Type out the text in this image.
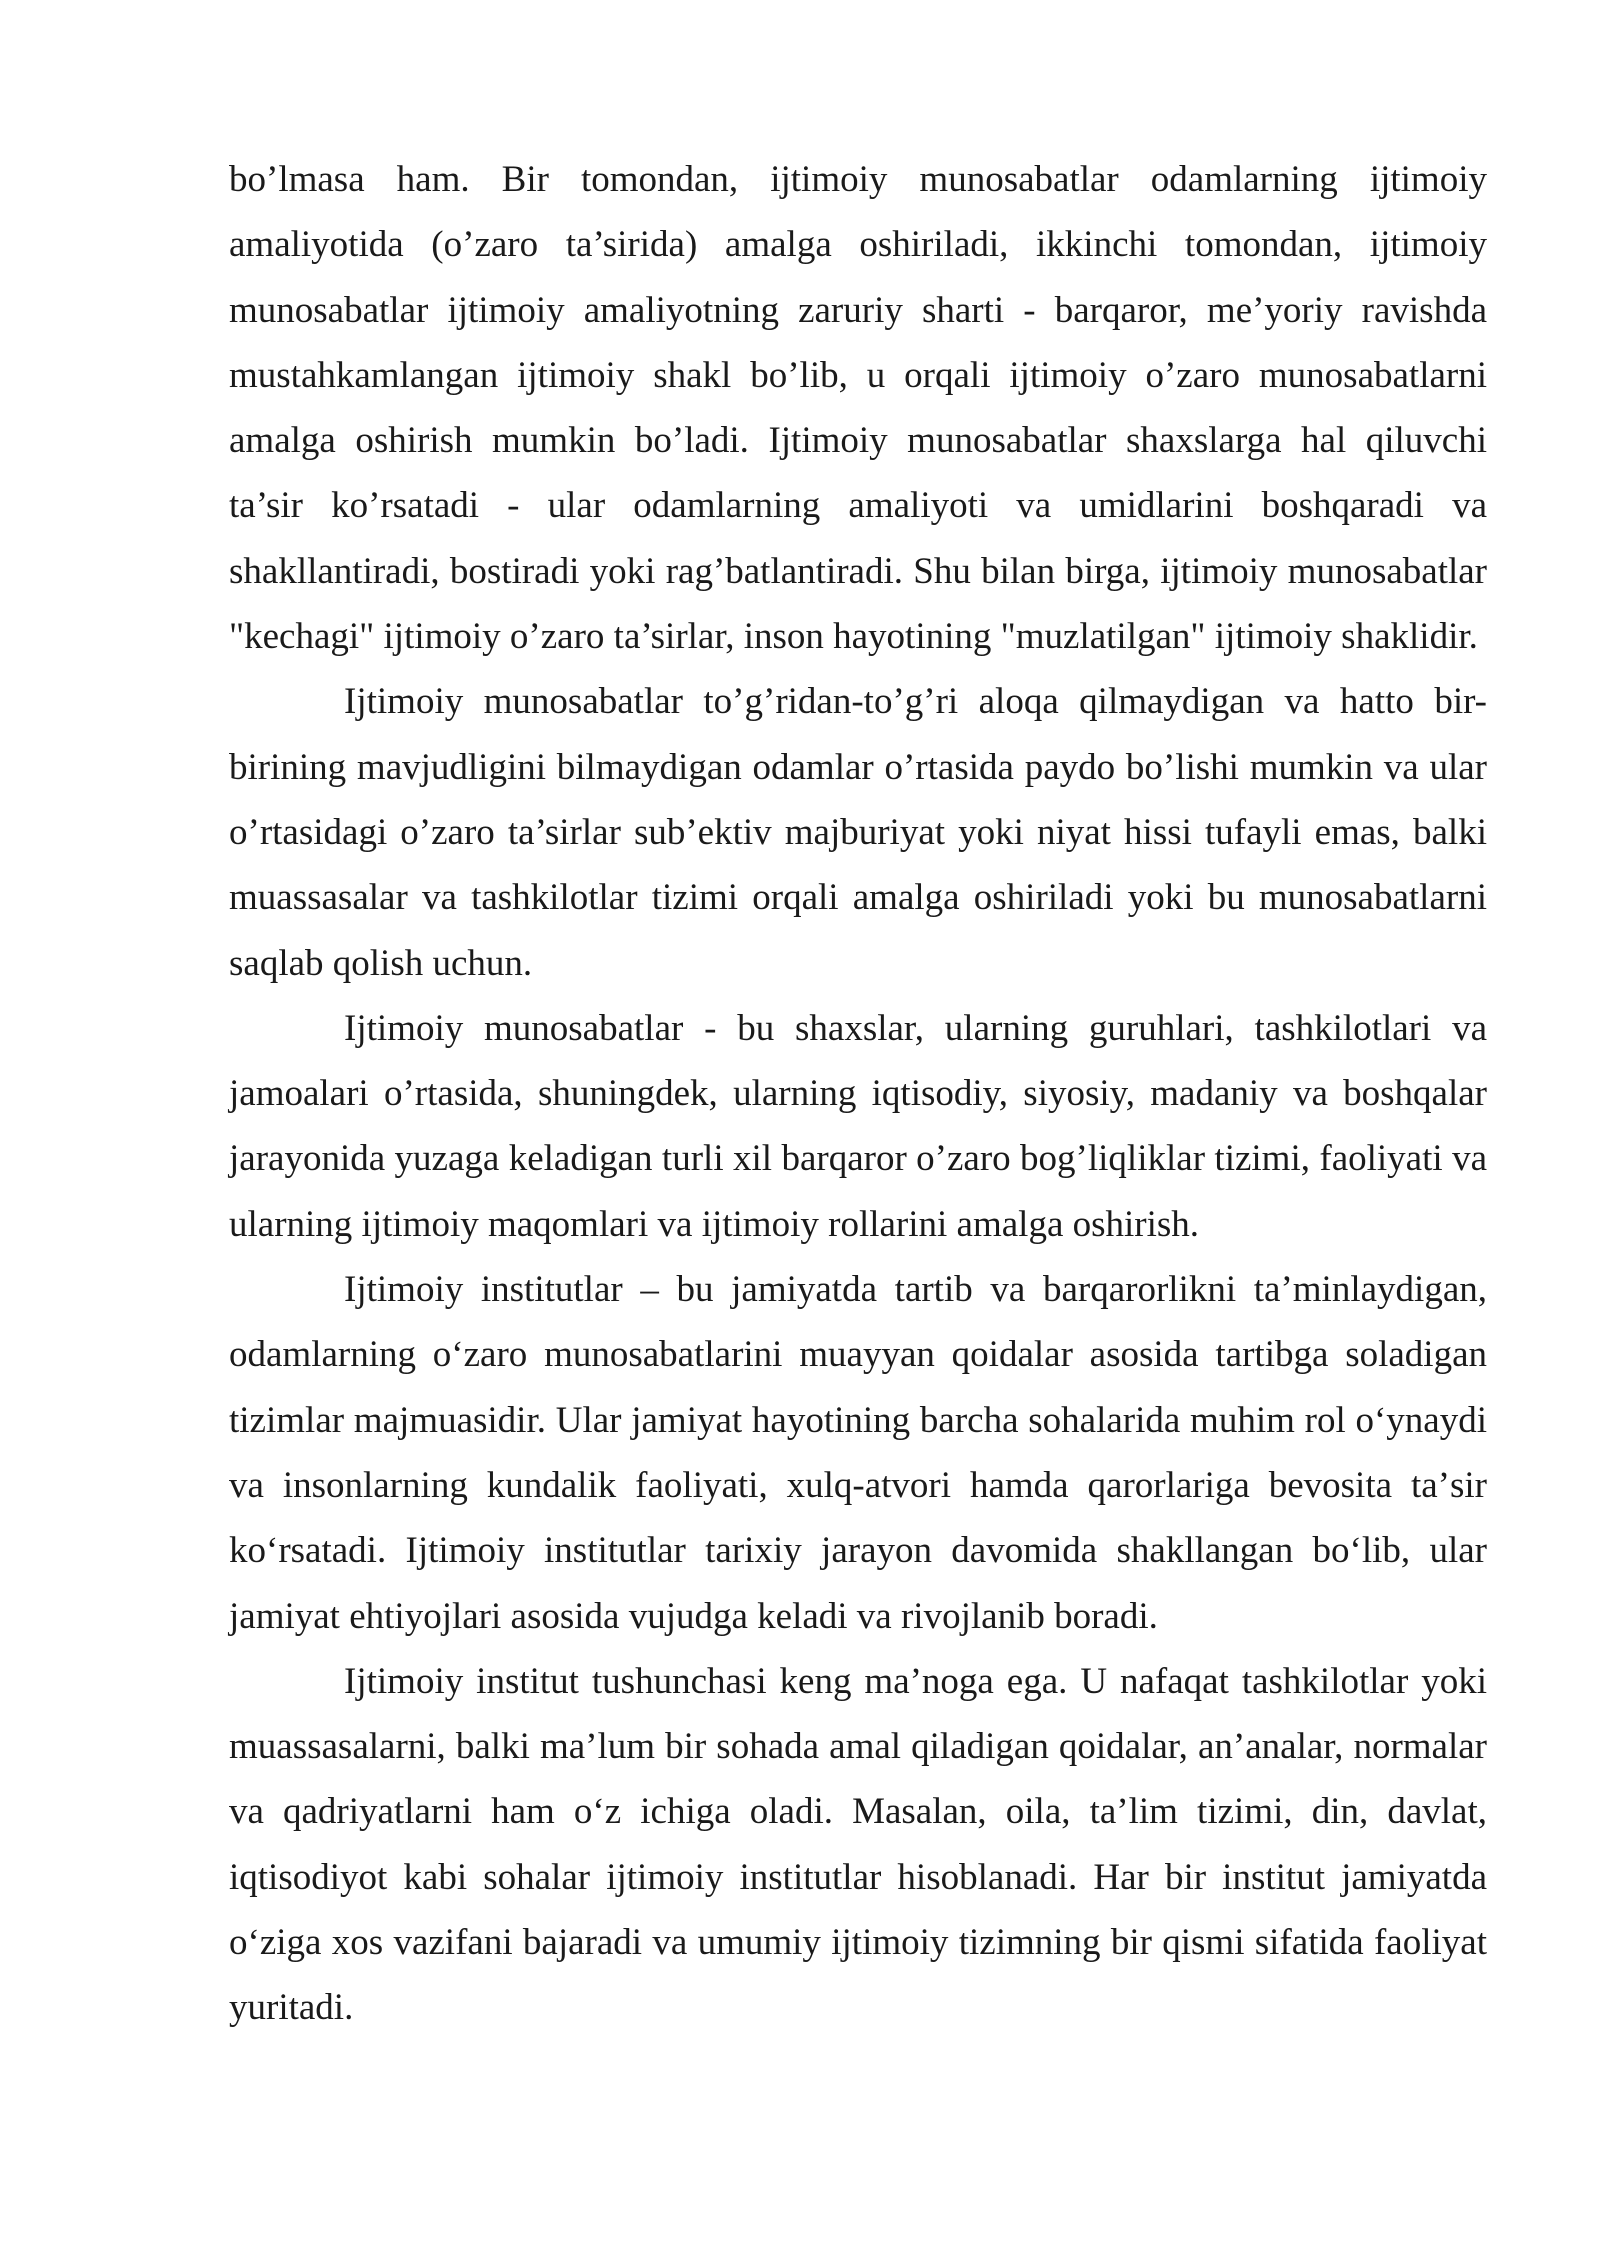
bo’lmasa ham. Bir tomondan, ijtimoiy munosabatlar odamlarning ijtimoiy amaliyotida (o’zaro ta’sirida) amalga oshiriladi, ikkinchi tomondan, ijtimoiy munosabatlar ijtimoiy amaliyotning zaruriy sharti - barqaror, me’yoriy ravishda mustahkamlangan ijtimoiy shakl bo’lib, u orqali ijtimoiy o’zaro munosabatlarni amalga oshirish mumkin bo’ladi. Ijtimoiy munosabatlar shaxslarga hal qiluvchi ta’sir ko’rsatadi - ular odamlarning amaliyoti va umidlarini boshqaradi va shakllantiradi, bostiradi yoki rag’batlantiradi. Shu bilan birga, ijtimoiy munosabatlar "kechagi" ijtimoiy o’zaro ta’sirlar, inson hayotining "muzlatilgan" ijtimoiy shaklidir.

Ijtimoiy munosabatlar to’g’ridan-to’g’ri aloqa qilmaydigan va hatto bir-birining mavjudligini bilmaydigan odamlar o’rtasida paydo bo’lishi mumkin va ular o’rtasidagi o’zaro ta’sirlar sub’ektiv majburiyat yoki niyat hissi tufayli emas, balki muassasalar va tashkilotlar tizimi orqali amalga oshiriladi yoki bu munosabatlarni saqlab qolish uchun.

Ijtimoiy munosabatlar - bu shaxslar, ularning guruhlari, tashkilotlari va jamoalari o’rtasida, shuningdek, ularning iqtisodiy, siyosiy, madaniy va boshqalar jarayonida yuzaga keladigan turli xil barqaror o’zaro bog’liqliklar tizimi, faoliyati va ularning ijtimoiy maqomlari va ijtimoiy rollarini amalga oshirish.

Ijtimoiy institutlar – bu jamiyatda tartib va barqarorlikni ta’minlaydigan, odamlarning oʻzaro munosabatlarini muayyan qoidalar asosida tartibga soladigan tizimlar majmuasidir. Ular jamiyat hayotining barcha sohalarida muhim rol oʻynaydi va insonlarning kundalik faoliyati, xulq-atvori hamda qarorlariga bevosita taʼsir koʻrsatadi. Ijtimoiy institutlar tarixiy jarayon davomida shakllangan boʻlib, ular jamiyat ehtiyojlari asosida vujudga keladi va rivojlanib boradi.

Ijtimoiy institut tushunchasi keng maʼnoga ega. U nafaqat tashkilotlar yoki muassasalarni, balki maʼlum bir sohada amal qiladigan qoidalar, anʼanalar, normalar va qadriyatlarni ham oʻz ichiga oladi. Masalan, oila, taʼlim tizimi, din, davlat, iqtisodiyot kabi sohalar ijtimoiy institutlar hisoblanadi. Har bir institut jamiyatda oʻziga xos vazifani bajaradi va umumiy ijtimoiy tizimning bir qismi sifatida faoliyat yuritadi.
